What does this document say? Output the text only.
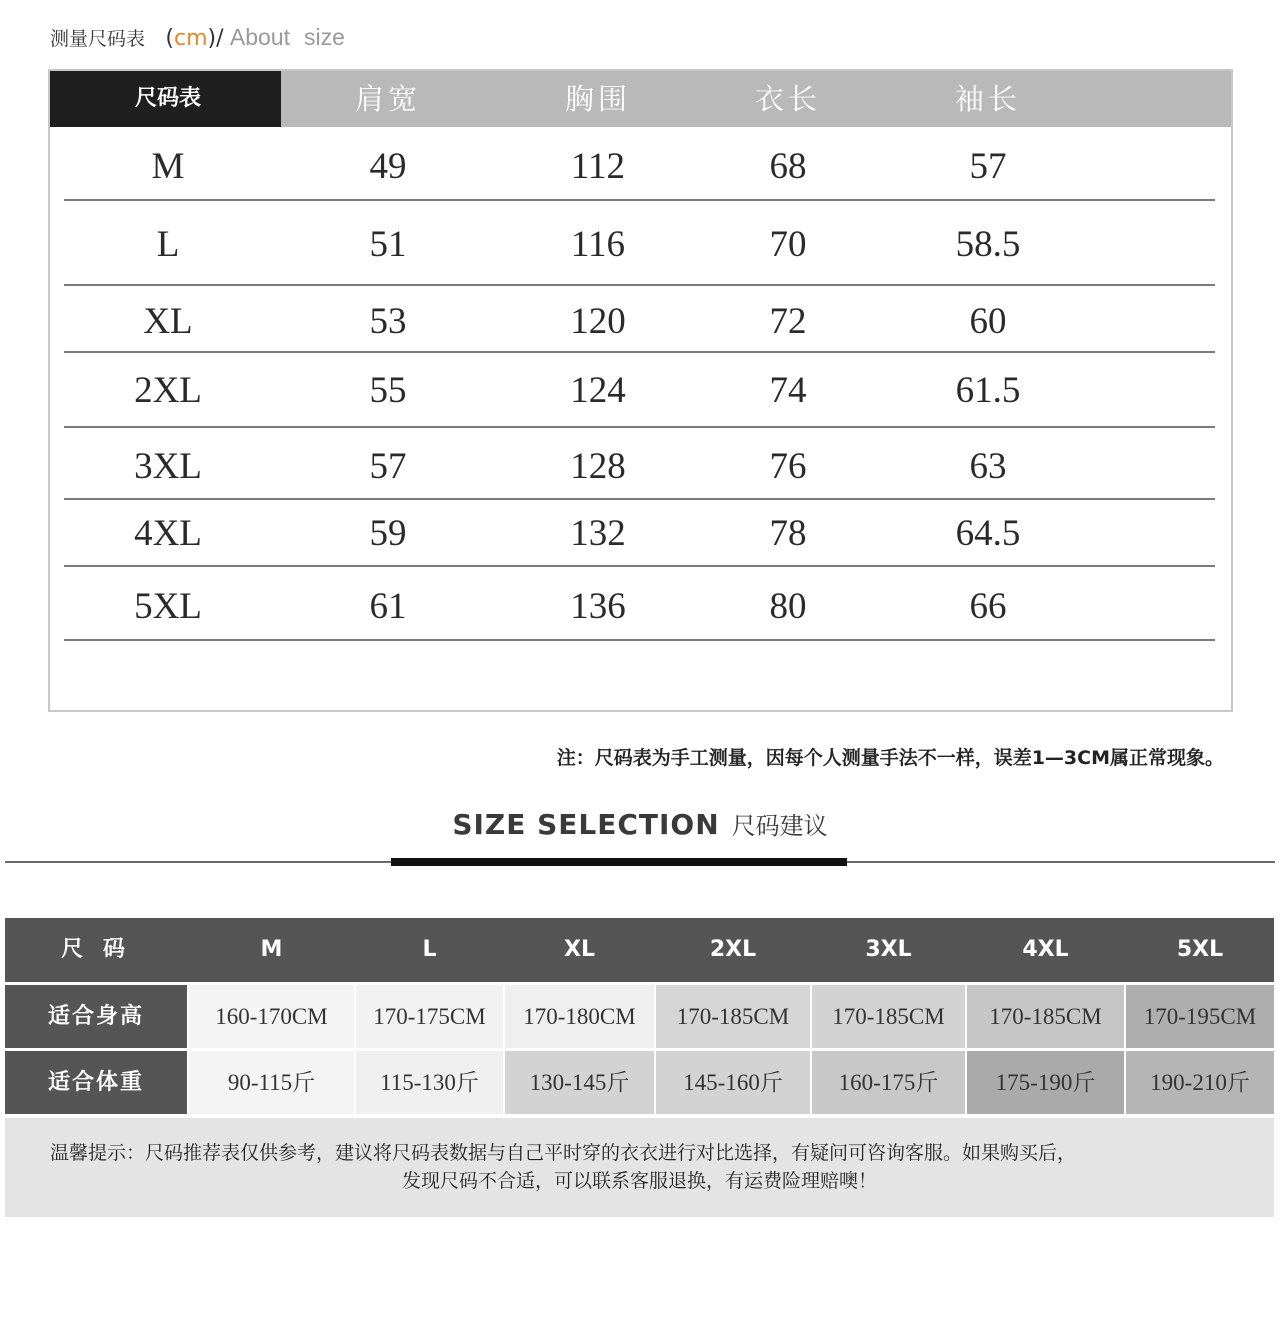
测量尺码表 (cm)/ About size
尺码表	肩宽	胸围	衣长	袖长
M	49	112	68	57
L	51	116	70	58.5
XL	53	120	72	60
2XL	55	124	74	61.5
3XL	57	128	76	63
4XL	59	132	78	64.5
5XL	61	136	80	66
注：尺码表为手工测量，因每个人测量手法不一样，误差1—3CM属正常现象。
SIZE SELECTION 尺码建议
尺 码	M	L	XL	2XL	3XL	4XL	5XL
适合身高	160-170CM	170-175CM	170-180CM	170-185CM	170-185CM	170-185CM	170-195CM
适合体重	90-115斤	115-130斤	130-145斤	145-160斤	160-175斤	175-190斤	190-210斤
温馨提示：尺码推荐表仅供参考，建议将尺码表数据与自己平时穿的衣衣进行对比选择，有疑问可咨询客服。如果购买后，
发现尺码不合适，可以联系客服退换，有运费险理赔噢！
